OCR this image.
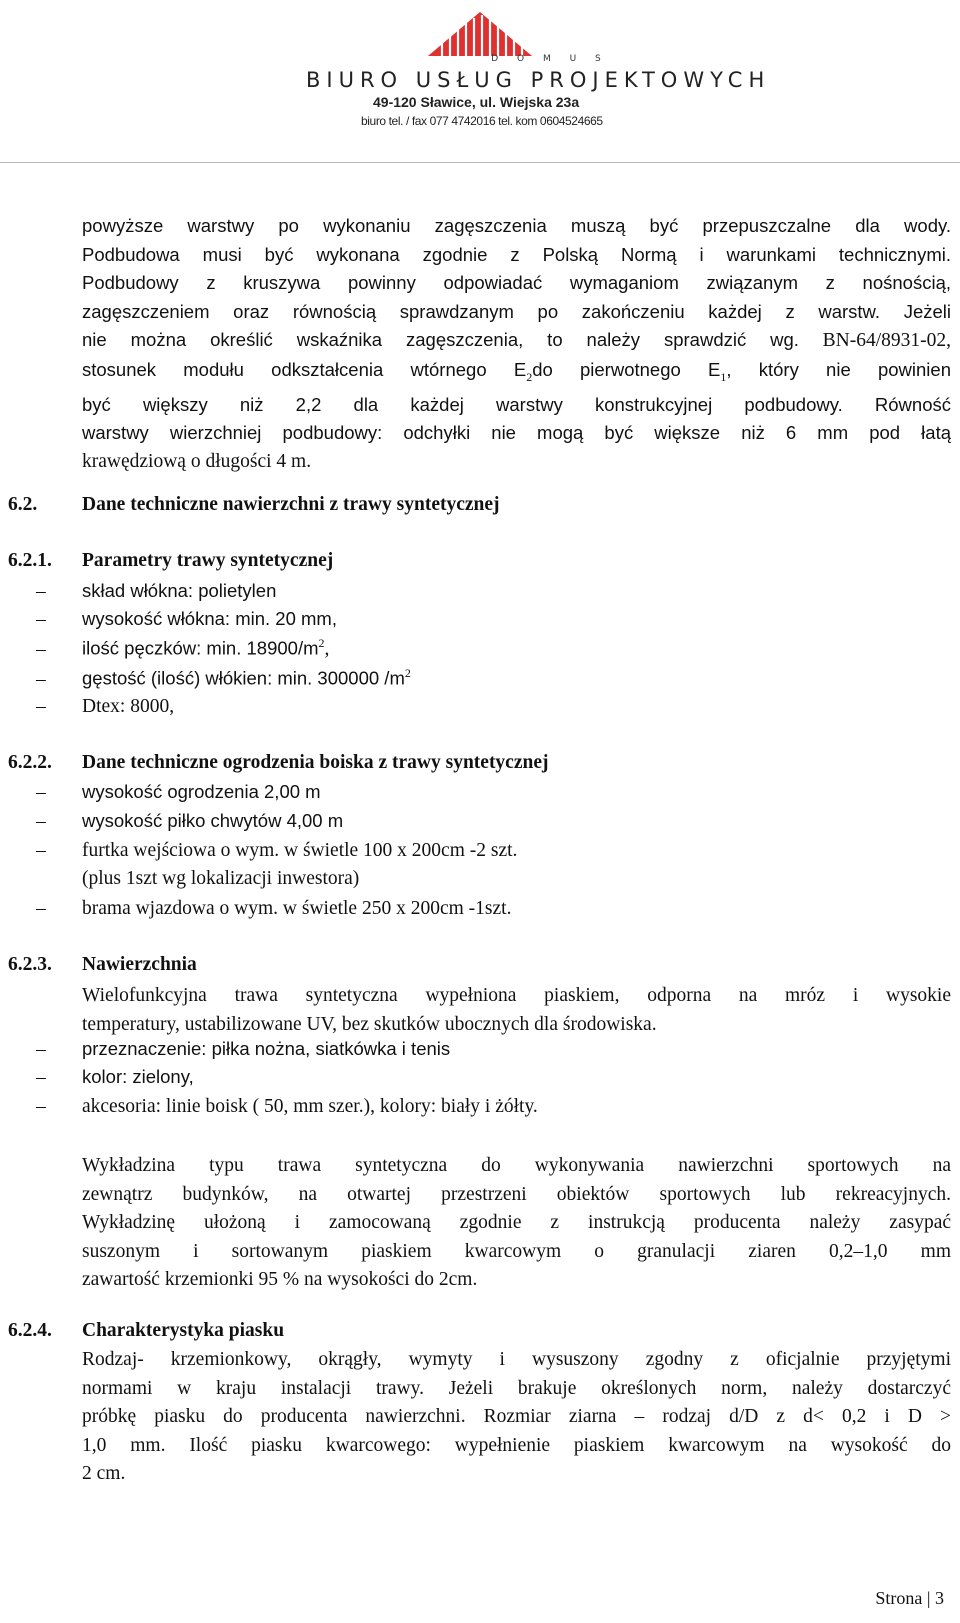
D O M U S
BIURO USŁUG PROJEKTOWYCH
49-120 Sławice, ul. Wiejska 23a
biuro tel. / fax 077 4742016 tel. kom 0604524665
powyższe warstwy po wykonaniu zagęszczenia muszą być przepuszczalne dla wody.
Podbudowa musi być wykonana zgodnie z Polską Normą i warunkami technicznymi.
Podbudowy z kruszywa powinny odpowiadać wymaganiom związanym z nośnością,
zagęszczeniem oraz równością sprawdzanym po zakończeniu każdej z warstw. Jeżeli
nie można określić wskaźnika zagęszczenia, to należy sprawdzić wg. BN-64/8931-02,
stosunek modułu odkształcenia wtórnego $E_2do$ pierwotnego $E_1$, który nie powinien
być większy niż 2,2 dla każdej warstwy konstrukcyjnej podbudowy. Równość
warstwy wierzchniej podbudowy: odchyłki nie mogą być większe niż 6 mm pod łatą
krawędziową o długości 4 m.
6.2. Dane techniczne nawierzchni z trawy syntetycznej
6.2.1. Parametry trawy syntetycznej
– skład włókna: polietylen
– wysokość włókna: min. 20 mm,
– ilość pęczków: min. $18900/m^2$,
– gęstość (ilość) włókien: min. 300000 $/m^2$
– Dtex: 8000,
6.2.2. Dane techniczne ogrodzenia boiska z trawy syntetycznej
– wysokość ogrodzenia 2,00 m
– wysokość piłko chwytów 4,00 m
– furtka wejściowa o wym. w świetle 100 x 200cm -2 szt.
(plus 1szt wg lokalizacji inwestora)
– brama wjazdowa o wym. w świetle 250 x 200cm -1szt.
6.2.3. Nawierzchnia
Wielofunkcyjna trawa syntetyczna wypełniona piaskiem, odporna na mróz i wysokie
temperatury, ustabilizowane UV, bez skutków ubocznych dla środowiska.
– przeznaczenie: piłka nożna, siatkówka i tenis
– kolor: zielony,
– akcesoria: linie boisk ( 50, mm szer.), kolory: biały i żółty.
Wykładzina typu trawa syntetyczna do wykonywania nawierzchni sportowych na
zewnątrz budynków, na otwartej przestrzeni obiektów sportowych lub rekreacyjnych.
Wykładzinę ułożoną i zamocowaną zgodnie z instrukcją producenta należy zasypać
suszonym i sortowanym piaskiem kwarcowym o granulacji ziaren 0,2–1,0 mm
zawartość krzemionki 95 % na wysokości do 2cm.
6.2.4. Charakterystyka piasku
Rodzaj- krzemionkowy, okrągły, wymyty i wysuszony zgodny z oficjalnie przyjętymi
normami w kraju instalacji trawy. Jeżeli brakuje określonych norm, należy dostarczyć
próbkę piasku do producenta nawierzchni. Rozmiar ziarna – rodzaj d/D z d< 0,2 i D >
1,0 mm. Ilość piasku kwarcowego: wypełnienie piaskiem kwarcowym na wysokość do
2 cm.
Strona | 3
